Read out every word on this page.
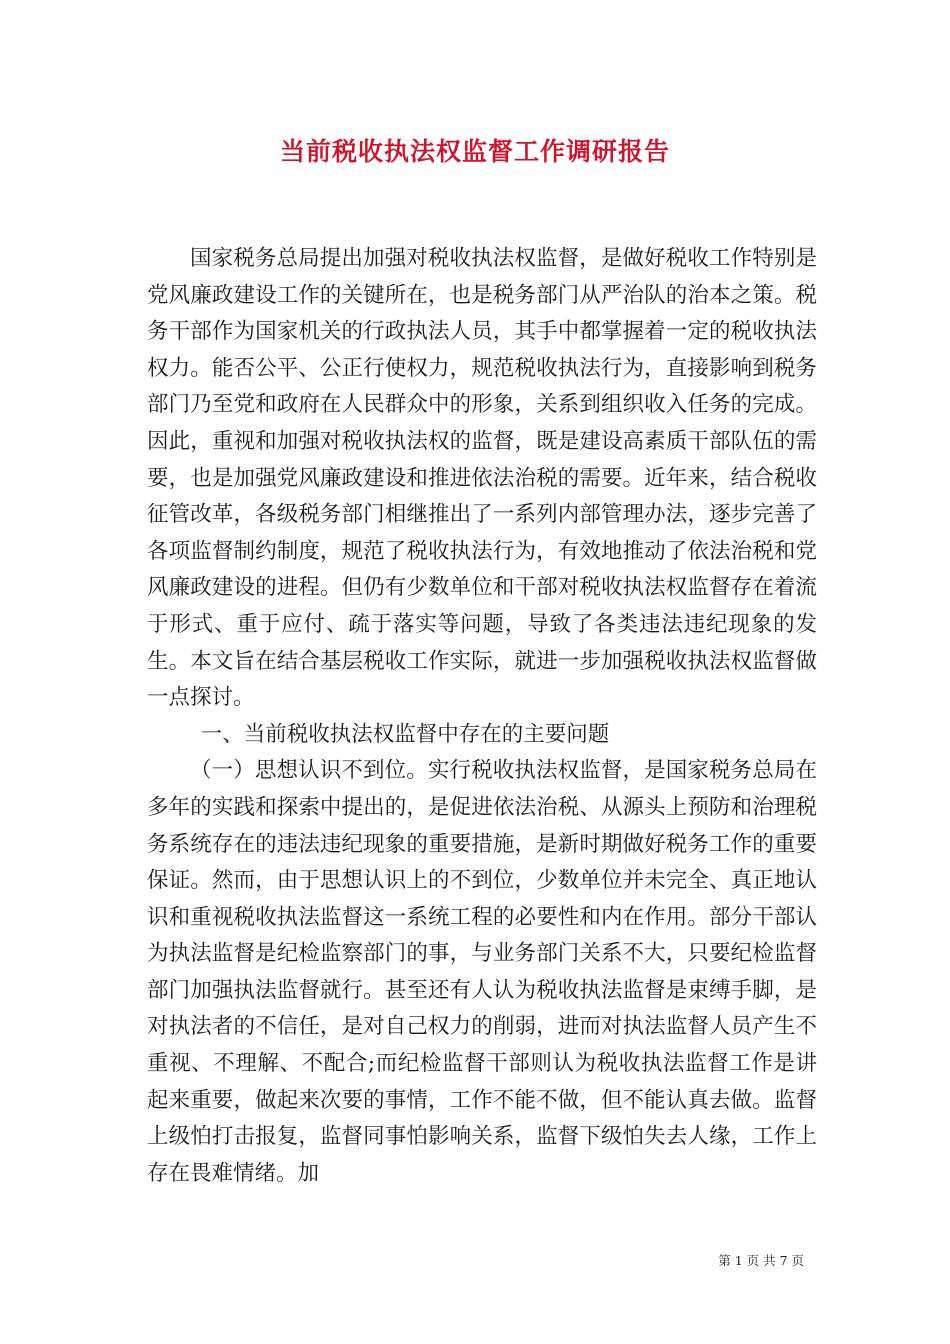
当前税收执法权监督工作调研报告

国家税务总局提出加强对税收执法权监督，是做好税收工作特别是党风廉政建设工作的关键所在，也是税务部门从严治队的治本之策。税务干部作为国家机关的行政执法人员，其手中都掌握着一定的税收执法权力。能否公平、公正行使权力，规范税收执法行为，直接影响到税务部门乃至党和政府在人民群众中的形象，关系到组织收入任务的完成。因此，重视和加强对税收执法权的监督，既是建设高素质干部队伍的需要，也是加强党风廉政建设和推进依法治税的需要。近年来，结合税收征管改革，各级税务部门相继推出了一系列内部管理办法，逐步完善了各项监督制约制度，规范了税收执法行为，有效地推动了依法治税和党风廉政建设的进程。但仍有少数单位和干部对税收执法权监督存在着流于形式、重于应付、疏于落实等问题，导致了各类违法违纪现象的发生。本文旨在结合基层税收工作实际，就进一步加强税收执法权监督做一点探讨。

一、当前税收执法权监督中存在的主要问题

（一）思想认识不到位。实行税收执法权监督，是国家税务总局在多年的实践和探索中提出的，是促进依法治税、从源头上预防和治理税务系统存在的违法违纪现象的重要措施，是新时期做好税务工作的重要保证。然而，由于思想认识上的不到位，少数单位并未完全、真正地认识和重视税收执法监督这一系统工程的必要性和内在作用。部分干部认为执法监督是纪检监察部门的事，与业务部门关系不大，只要纪检监督部门加强执法监督就行。甚至还有人认为税收执法监督是束缚手脚，是对执法者的不信任，是对自己权力的削弱，进而对执法监督人员产生不重视、不理解、不配合;而纪检监督干部则认为税收执法监督工作是讲起来重要，做起来次要的事情，工作不能不做，但不能认真去做。监督上级怕打击报复，监督同事怕影响关系，监督下级怕失去人缘，工作上存在畏难情绪。加

第 1 页 共 7 页
